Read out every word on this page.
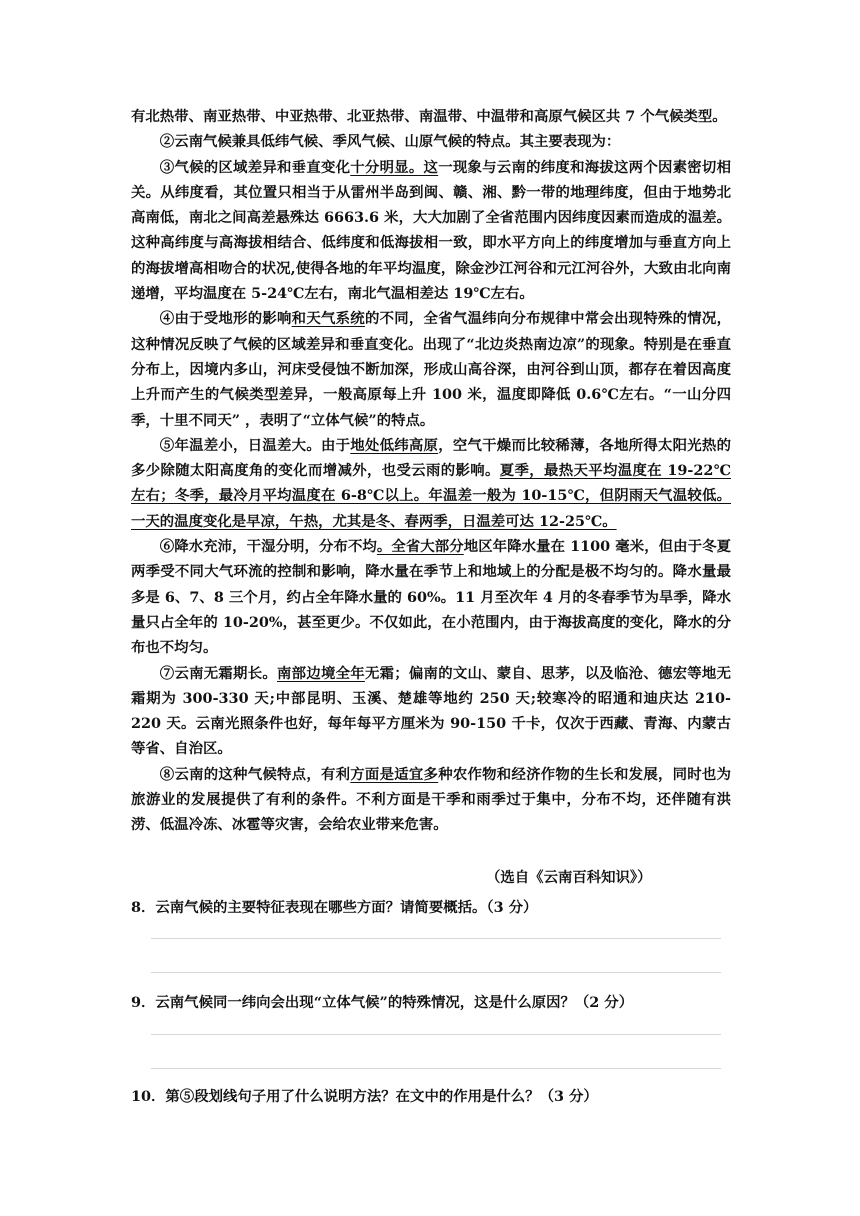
有北热带、南亚热带、中亚热带、北亚热带、南温带、中温带和高原气候区共 7 个气候类型。

②云南气候兼具低纬气候、季风气候、山原气候的特点。其主要表现为：

③气候的区域差异和垂直变化十分明显。这一现象与云南的纬度和海拔这两个因素密切相关。从纬度看，其位置只相当于从雷州半岛到闽、赣、湘、黔一带的地理纬度，但由于地势北高南低，南北之间高差悬殊达 6663.6 米，大大加剧了全省范围内因纬度因素而造成的温差。这种高纬度与高海拔相结合、低纬度和低海拔相一致，即水平方向上的纬度增加与垂直方向上的海拔增高相吻合的状况,使得各地的年平均温度，除金沙江河谷和元江河谷外，大致由北向南递增，平均温度在 5-24℃左右，南北气温相差达 19℃左右。

④由于受地形的影响和天气系统的不同，全省气温纬向分布规律中常会出现特殊的情况，这种情况反映了气候的区域差异和垂直变化。出现了“北边炎热南边凉”的现象。特别是在垂直分布上，因境内多山，河床受侵蚀不断加深，形成山高谷深，由河谷到山顶，都存在着因高度上升而产生的气候类型差异，一般高原每上升 100 米，温度即降低 0.6℃左右。“一山分四季，十里不同天” ，表明了“立体气候”的特点。

⑤年温差小，日温差大。由于地处低纬高原，空气干燥而比较稀薄，各地所得太阳光热的多少除随太阳高度角的变化而增减外，也受云雨的影响。夏季，最热天平均温度在 19-22℃左右；冬季，最冷月平均温度在 6-8℃以上。年温差一般为 10-15℃，但阴雨天气温较低。一天的温度变化是早凉，午热，尤其是冬、春两季，日温差可达 12-25℃。

⑥降水充沛，干湿分明，分布不均。全省大部分地区年降水量在 1100 毫米，但由于冬夏两季受不同大气环流的控制和影响，降水量在季节上和地域上的分配是极不均匀的。降水量最多是 6、7、8 三个月，约占全年降水量的 60%。11 月至次年 4 月的冬春季节为旱季，降水量只占全年的 10-20%，甚至更少。不仅如此，在小范围内，由于海拔高度的变化，降水的分布也不均匀。

⑦云南无霜期长。南部边境全年无霜；偏南的文山、蒙自、思茅，以及临沧、德宏等地无霜期为 300-330 天;中部昆明、玉溪、楚雄等地约 250 天;较寒冷的昭通和迪庆达 210-220 天。云南光照条件也好，每年每平方厘米为 90-150 千卡，仅次于西藏、青海、内蒙古等省、自治区。

⑧云南的这种气候特点，有利方面是适宜多种农作物和经济作物的生长和发展，同时也为旅游业的发展提供了有利的条件。不利方面是干季和雨季过于集中，分布不均，还伴随有洪涝、低温冷冻、冰雹等灾害，会给农业带来危害。

（选自《云南百科知识》）
8．云南气候的主要特征表现在哪些方面？请简要概括。（3 分）
9．云南气候同一纬向会出现“立体气候”的特殊情况，这是什么原因？（2 分）
10．第⑤段划线句子用了什么说明方法？在文中的作用是什么？（3 分）
